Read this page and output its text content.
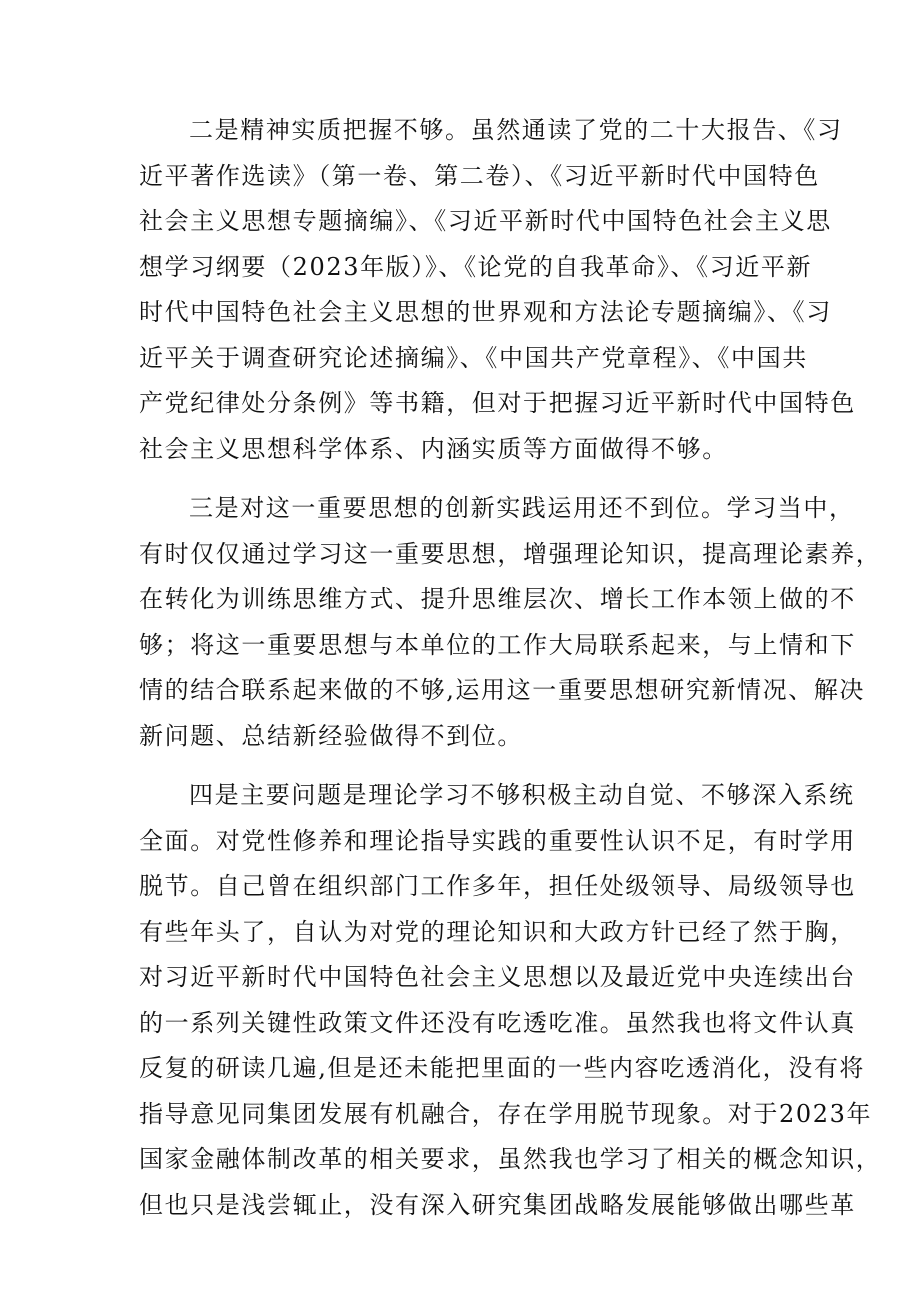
二是精神实质把握不够。虽然通读了党的二十大报告、《习
近平著作选读》（第一卷、第二卷）、《习近平新时代中国特色
社会主义思想专题摘编》、《习近平新时代中国特色社会主义思
想学习纲要（2023年版）》、《论党的自我革命》、《习近平新
时代中国特色社会主义思想的世界观和方法论专题摘编》、《习
近平关于调查研究论述摘编》、《中国共产党章程》、《中国共
产党纪律处分条例》等书籍，但对于把握习近平新时代中国特色
社会主义思想科学体系、内涵实质等方面做得不够。
三是对这一重要思想的创新实践运用还不到位。学习当中，
有时仅仅通过学习这一重要思想，增强理论知识，提高理论素养，
在转化为训练思维方式、提升思维层次、增长工作本领上做的不
够；将这一重要思想与本单位的工作大局联系起来，与上情和下
情的结合联系起来做的不够,运用这一重要思想研究新情况、解决
新问题、总结新经验做得不到位。
四是主要问题是理论学习不够积极主动自觉、不够深入系统
全面。对党性修养和理论指导实践的重要性认识不足，有时学用
脱节。自己曾在组织部门工作多年，担任处级领导、局级领导也
有些年头了，自认为对党的理论知识和大政方针已经了然于胸，
对习近平新时代中国特色社会主义思想以及最近党中央连续出台
的一系列关键性政策文件还没有吃透吃准。虽然我也将文件认真
反复的研读几遍,但是还未能把里面的一些内容吃透消化，没有将
指导意见同集团发展有机融合，存在学用脱节现象。对于2023年
国家金融体制改革的相关要求，虽然我也学习了相关的概念知识，
但也只是浅尝辄止，没有深入研究集团战略发展能够做出哪些革
